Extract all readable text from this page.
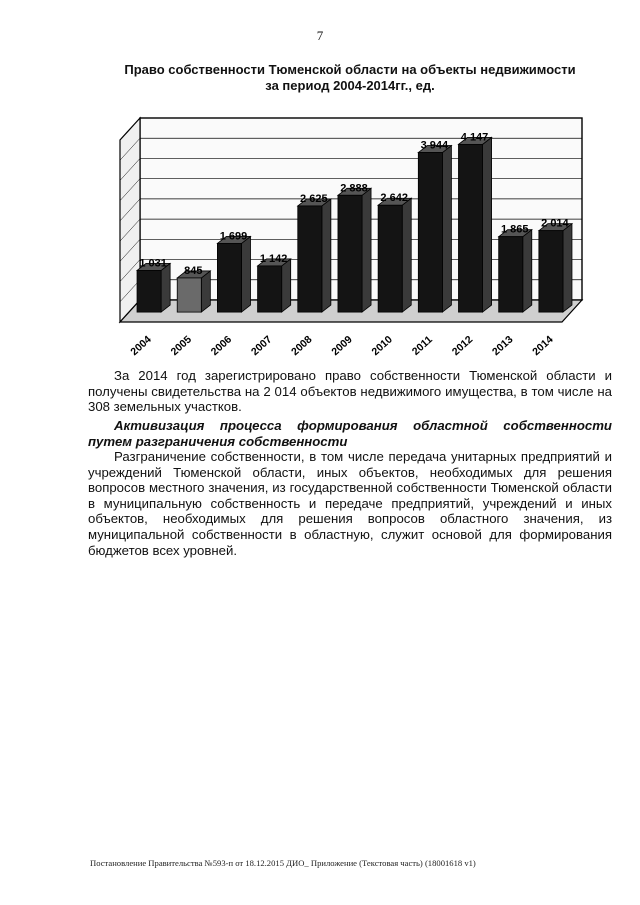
7
Право собственности Тюменской области на объекты недвижимости за период 2004-2014гг., ед.
1 031
2004
845
2005
1 699
2006
1 142
2007
2 625
2008
2 888
2009
2 642
2010
3 944
2011
4 147
2012
1 865
2013
2 014
2014
За 2014 год зарегистрировано право собственности Тюменской области и получены свидетельства на 2 014 объектов недвижимого имущества, в том числе на 308 земельных участков.
Активизация процесса формирования областной собственности путем разграничения собственности
Разграничение собственности, в том числе передача унитарных предприятий и учреждений Тюменской области, иных объектов, необходимых для решения вопросов местного значения, из государственной собственности Тюменской области в муниципальную собственность и передаче предприятий, учреждений и иных объектов, необходимых для решения вопросов областного значения, из муниципальной собственности в областную, служит основой для формирования бюджетов всех уровней.
Постановление Правительства №593-п от 18.12.2015 ДИО_ Приложение (Текстовая часть) (18001618 v1)
